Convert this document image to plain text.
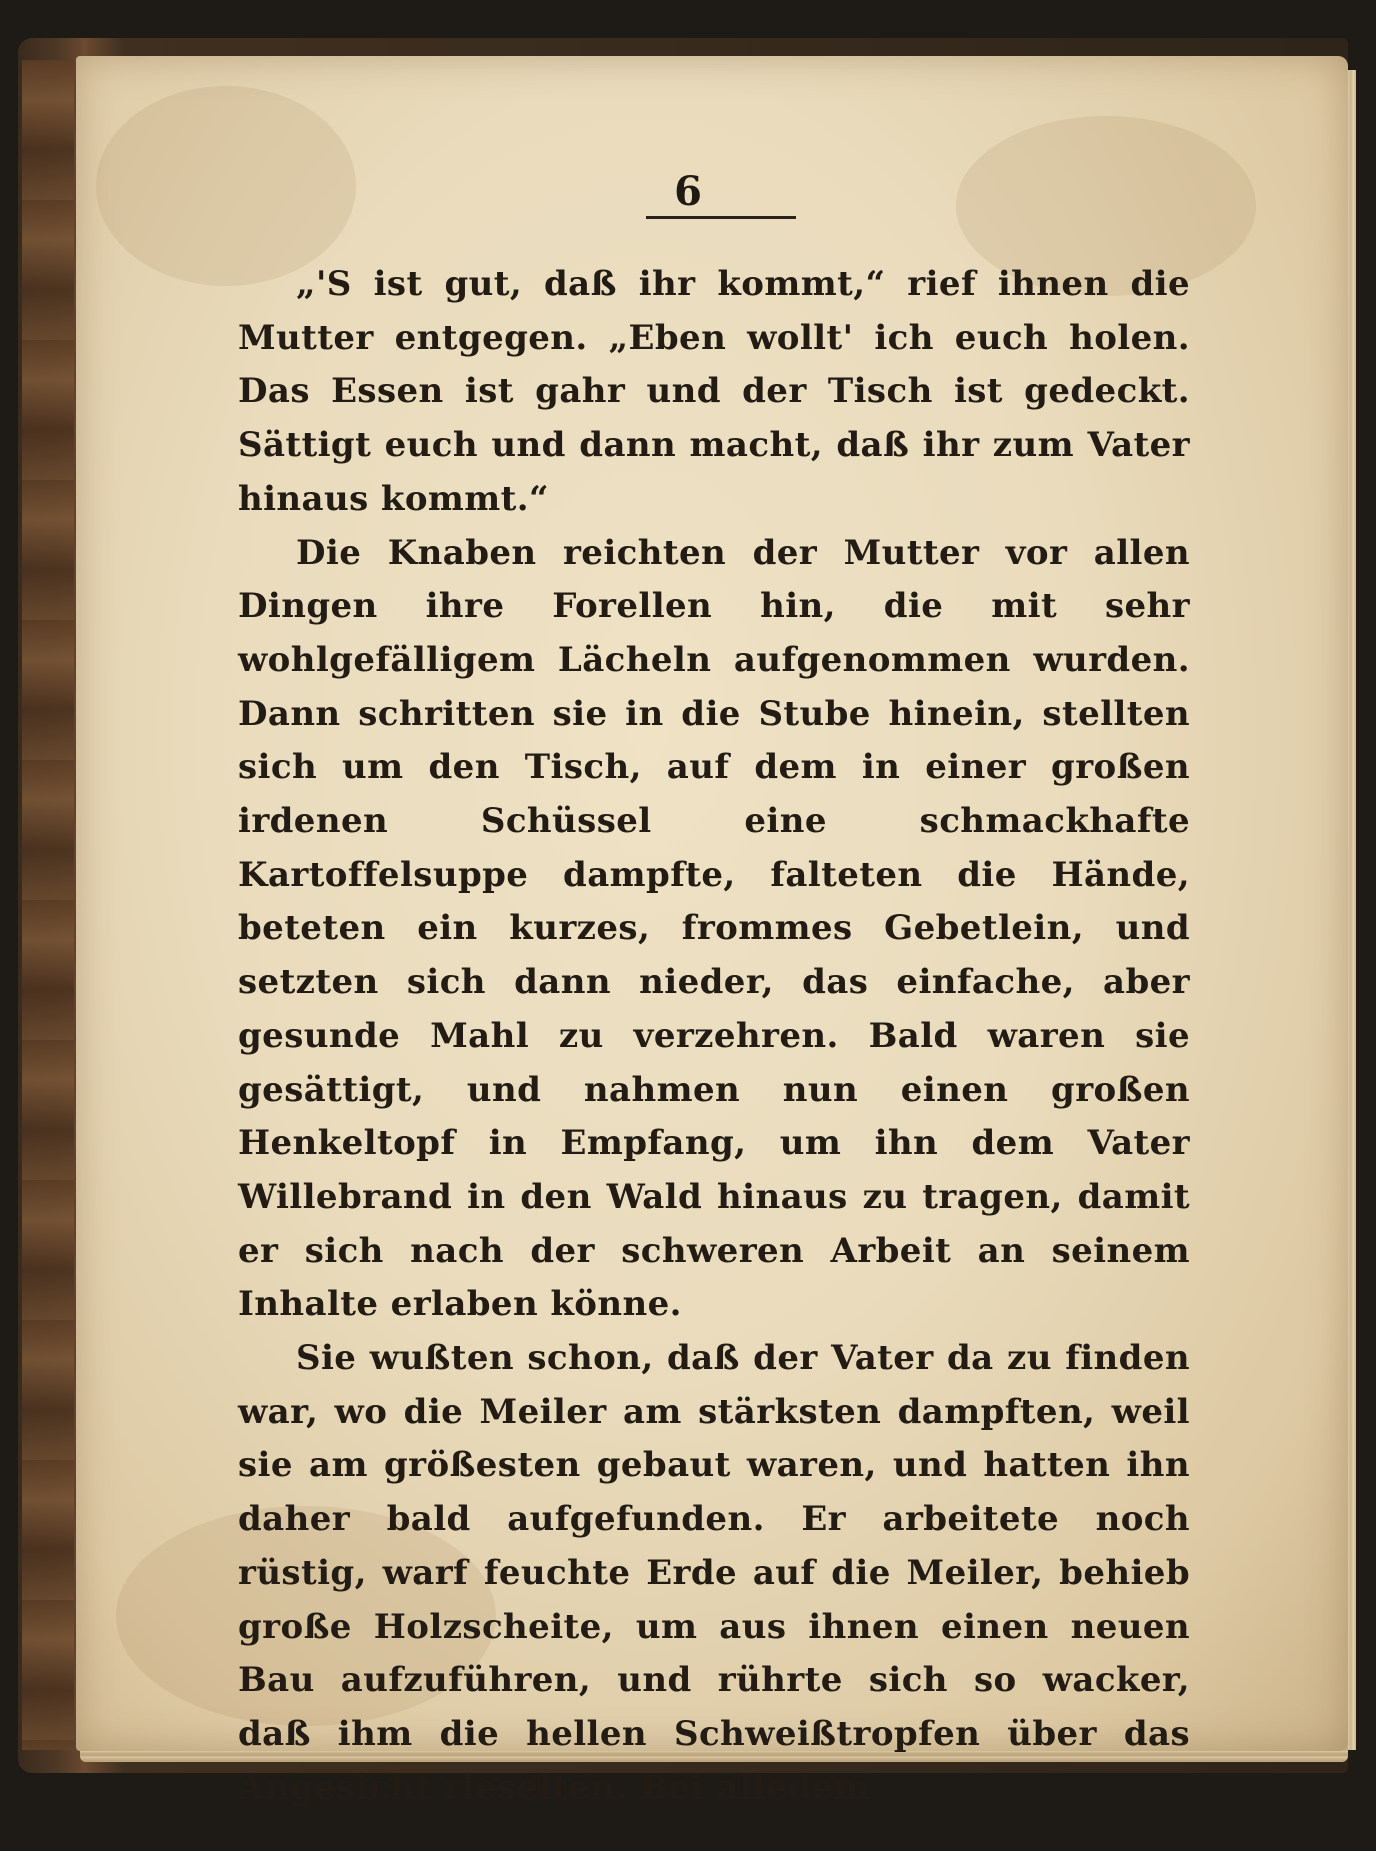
6

„'S ist gut, daß ihr kommt,“ rief ihnen die Mutter entgegen. „Eben wollt' ich euch holen. Das Essen ist gahr und der Tisch ist gedeckt. Sättigt euch und dann macht, daß ihr zum Vater hinaus kommt.“

Die Knaben reichten der Mutter vor allen Dingen ihre Forellen hin, die mit sehr wohlgefälligem Lächeln aufgenommen wurden. Dann schritten sie in die Stube hinein, stellten sich um den Tisch, auf dem in einer großen irdenen Schüssel eine schmackhafte Kartoffelsuppe dampfte, falteten die Hände, beteten ein kurzes, frommes Gebetlein, und setzten sich dann nieder, das einfache, aber gesunde Mahl zu verzehren. Bald waren sie gesättigt, und nahmen nun einen großen Henkeltopf in Empfang, um ihn dem Vater Willebrand in den Wald hinaus zu tragen, damit er sich nach der schweren Arbeit an seinem Inhalte erlaben könne.

Sie wußten schon, daß der Vater da zu finden war, wo die Meiler am stärksten dampften, weil sie am größesten gebaut waren, und hatten ihn daher bald aufgefunden. Er arbeitete noch rüstig, warf feuchte Erde auf die Meiler, behieb große Holzscheite, um aus ihnen einen neuen Bau aufzuführen, und rührte sich so wacker, daß ihm die hellen Schweißtropfen über das Angesicht rieselten. Bei alledem
